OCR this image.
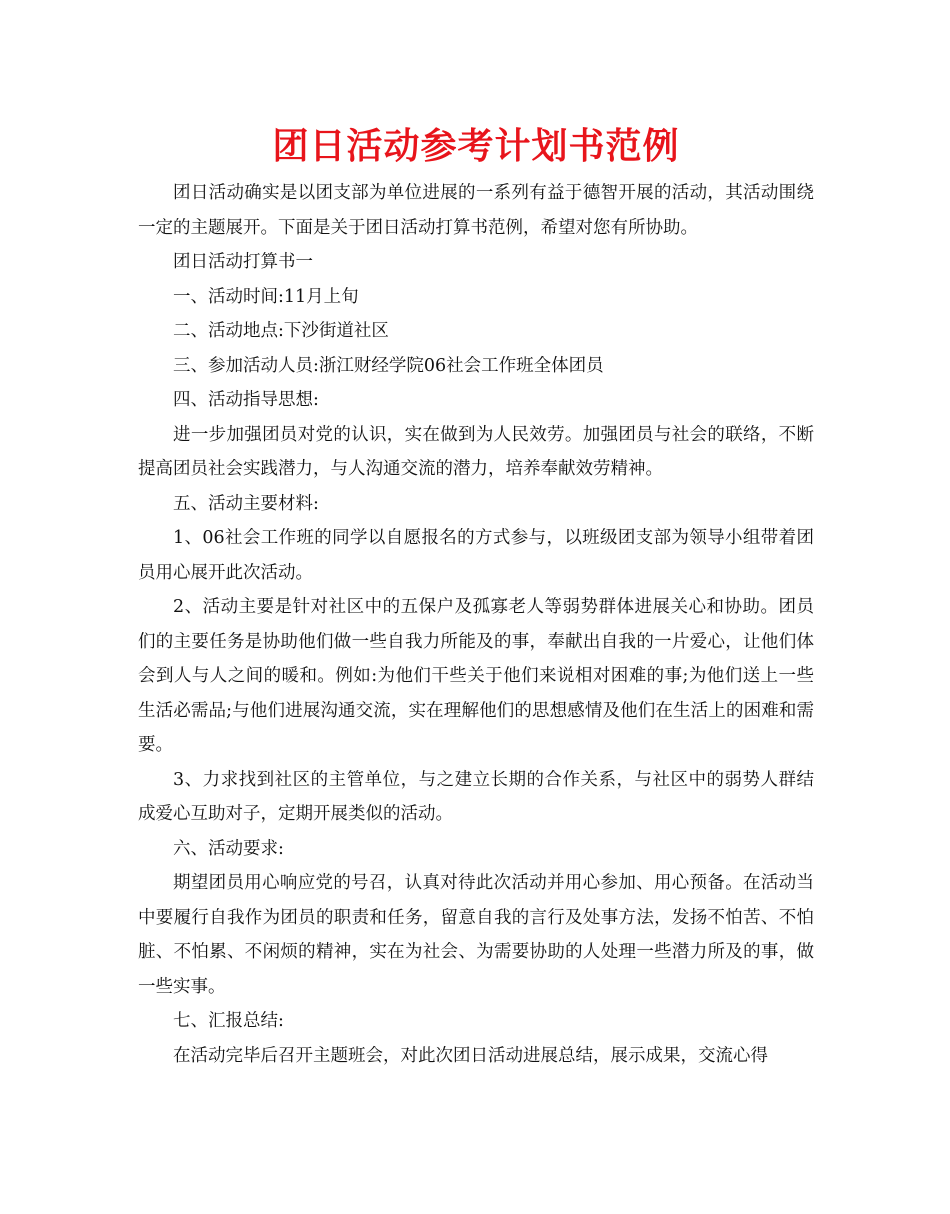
团日活动参考计划书范例

团日活动确实是以团支部为单位进展的一系列有益于德智开展的活动，其活动围绕一定的主题展开。下面是关于团日活动打算书范例，希望对您有所协助。

团日活动打算书一

一、活动时间:11月上旬

二、活动地点:下沙街道社区

三、参加活动人员:浙江财经学院06社会工作班全体团员

四、活动指导思想:

进一步加强团员对党的认识，实在做到为人民效劳。加强团员与社会的联络，不断提高团员社会实践潜力，与人沟通交流的潜力，培养奉献效劳精神。

五、活动主要材料:

1、06社会工作班的同学以自愿报名的方式参与，以班级团支部为领导小组带着团员用心展开此次活动。

2、活动主要是针对社区中的五保户及孤寡老人等弱势群体进展关心和协助。团员们的主要任务是协助他们做一些自我力所能及的事，奉献出自我的一片爱心，让他们体会到人与人之间的暖和。例如:为他们干些关于他们来说相对困难的事;为他们送上一些生活必需品;与他们进展沟通交流，实在理解他们的思想感情及他们在生活上的困难和需要。

3、力求找到社区的主管单位，与之建立长期的合作关系，与社区中的弱势人群结成爱心互助对子，定期开展类似的活动。

六、活动要求:

期望团员用心响应党的号召，认真对待此次活动并用心参加、用心预备。在活动当中要履行自我作为团员的职责和任务，留意自我的言行及处事方法，发扬不怕苦、不怕脏、不怕累、不闲烦的精神，实在为社会、为需要协助的人处理一些潜力所及的事，做一些实事。

七、汇报总结:

在活动完毕后召开主题班会，对此次团日活动进展总结，展示成果，交流心得
